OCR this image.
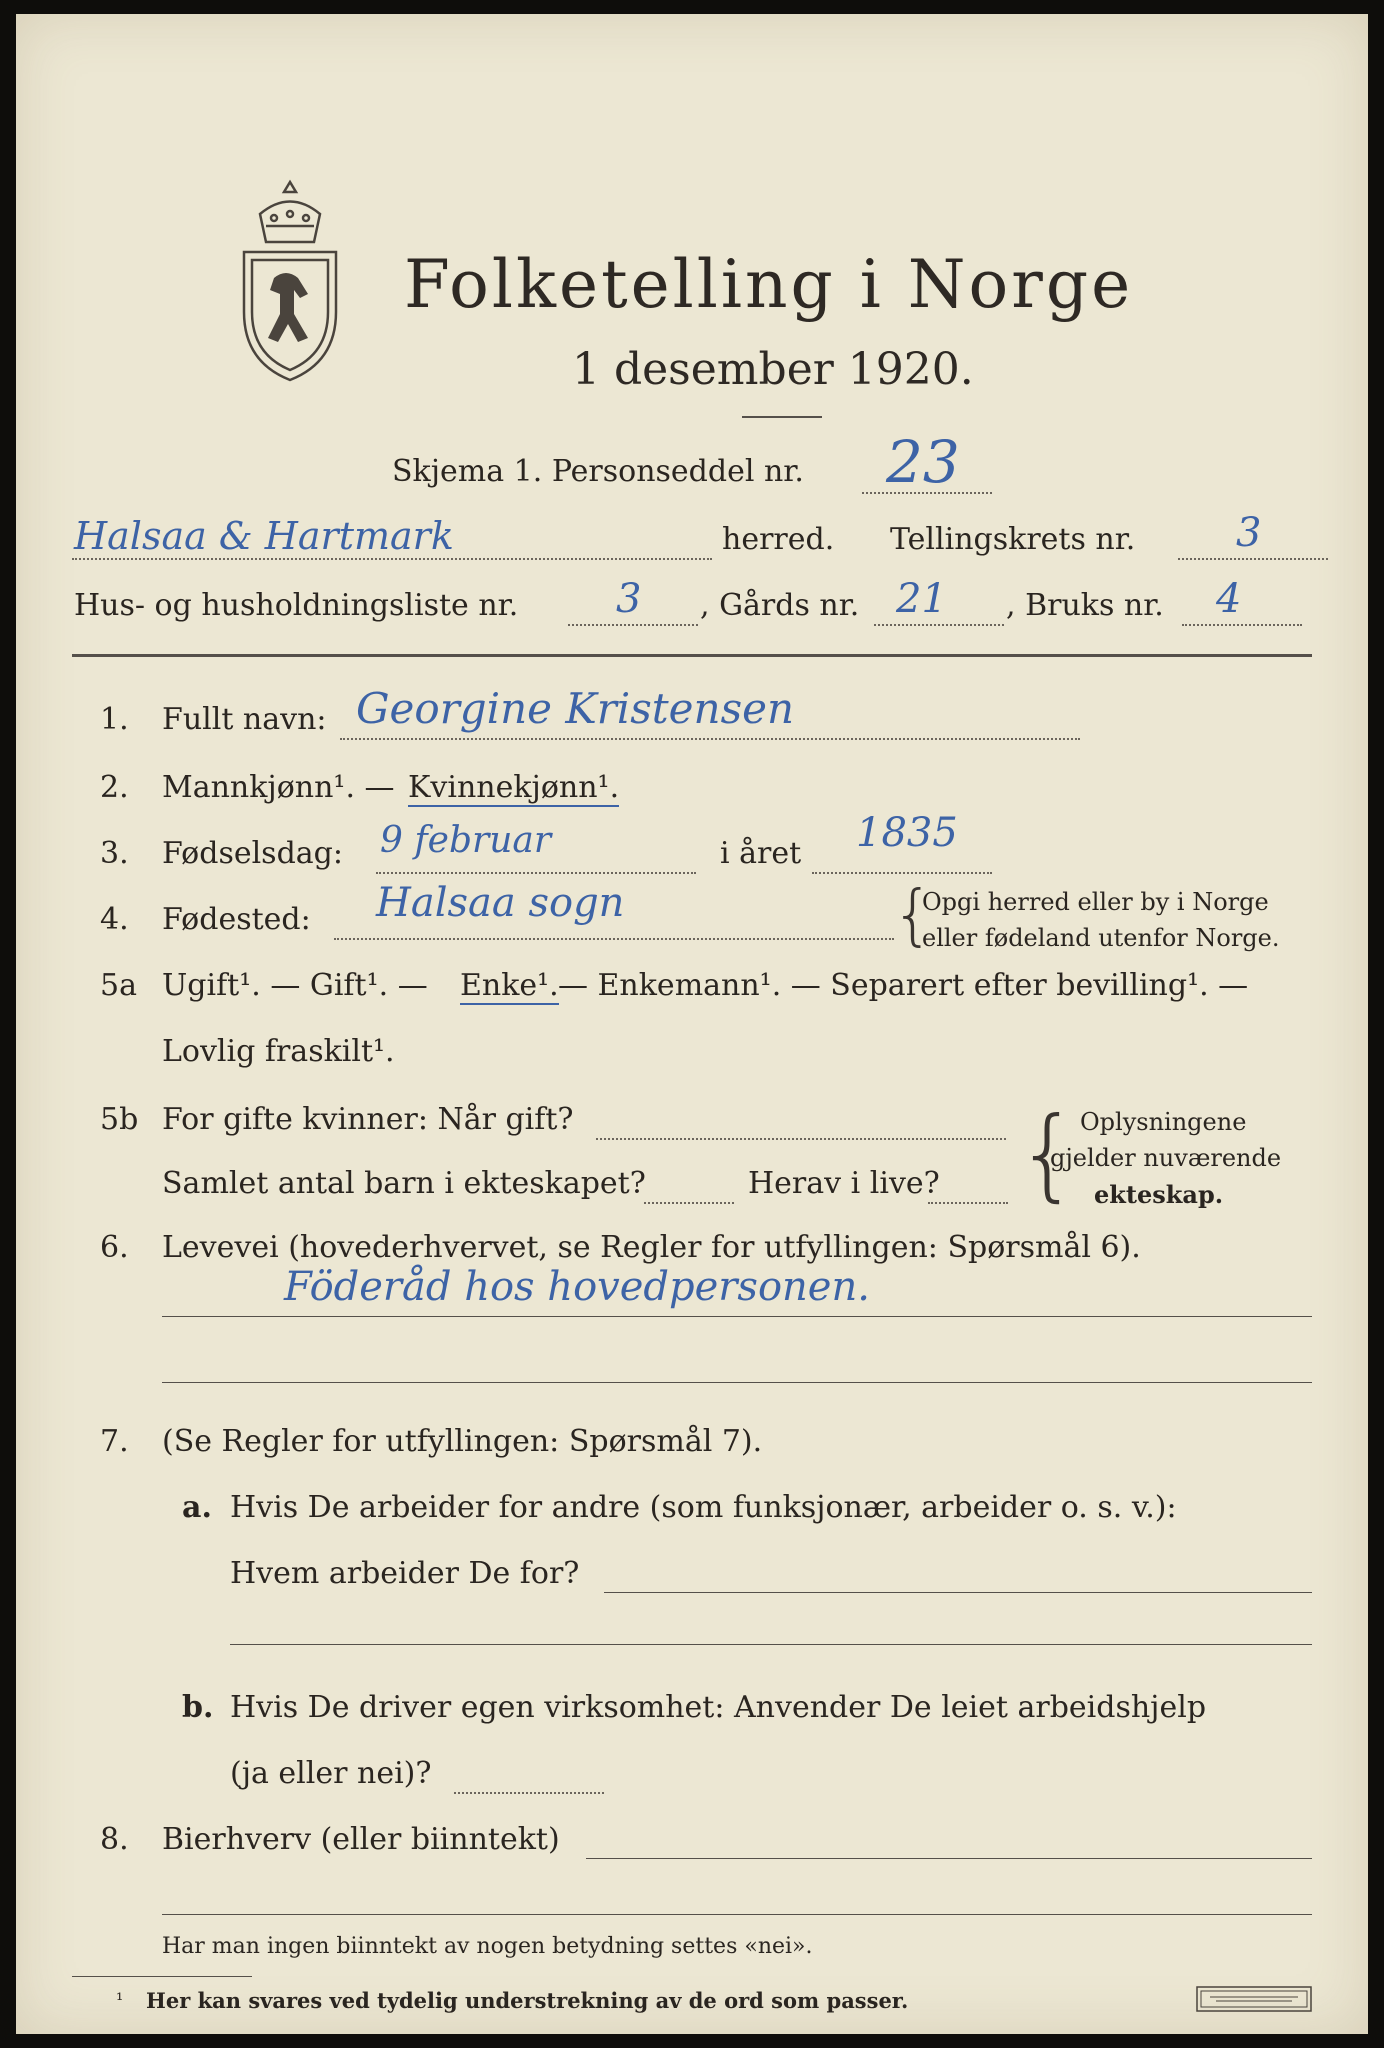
Folketelling i Norge
1 desember 1920.
Skjema 1. Personseddel nr. 23
Halsaa & Hartmark	herred. Tellingskrets nr.	3
Hus- og husholdningsliste nr. 3 , Gårds nr. 21 , Bruks nr. 4
1. Fullt navn: Georgine Kristensen
2. Mannkjønn¹. — Kvinnekjønn¹.
3. Fødselsdag: 9 februar	i året 1835
4. Fødested: Halsaa sogn	{
Opgi herred eller by i Norge
eller fødeland utenfor Norge.
5a Ugift¹. — Gift¹. — Enke¹. — Enkemann¹. — Separert efter bevilling¹. —
Lovlig fraskilt¹.
5b For gifte kvinner: Når gift?
Samlet antal barn i ekteskapet?	Herav i live? { Oplysningene
gjelder nuværende
ekteskap.
6. Levevei (hovederhvervet, se Regler for utfyllingen: Spørsmål 6).
Föderåd hos hovedpersonen.
7. (Se Regler for utfyllingen: Spørsmål 7).
a. Hvis De arbeider for andre (som funksjonær, arbeider o. s. v.):
Hvem arbeider De for?
b. Hvis De driver egen virksomhet: Anvender De leiet arbeidshjelp
(ja eller nei)?
8. Bierhverv (eller biinntekt)
Har man ingen biinntekt av nogen betydning settes «nei».
¹ Her kan svares ved tydelig understrekning av de ord som passer.
